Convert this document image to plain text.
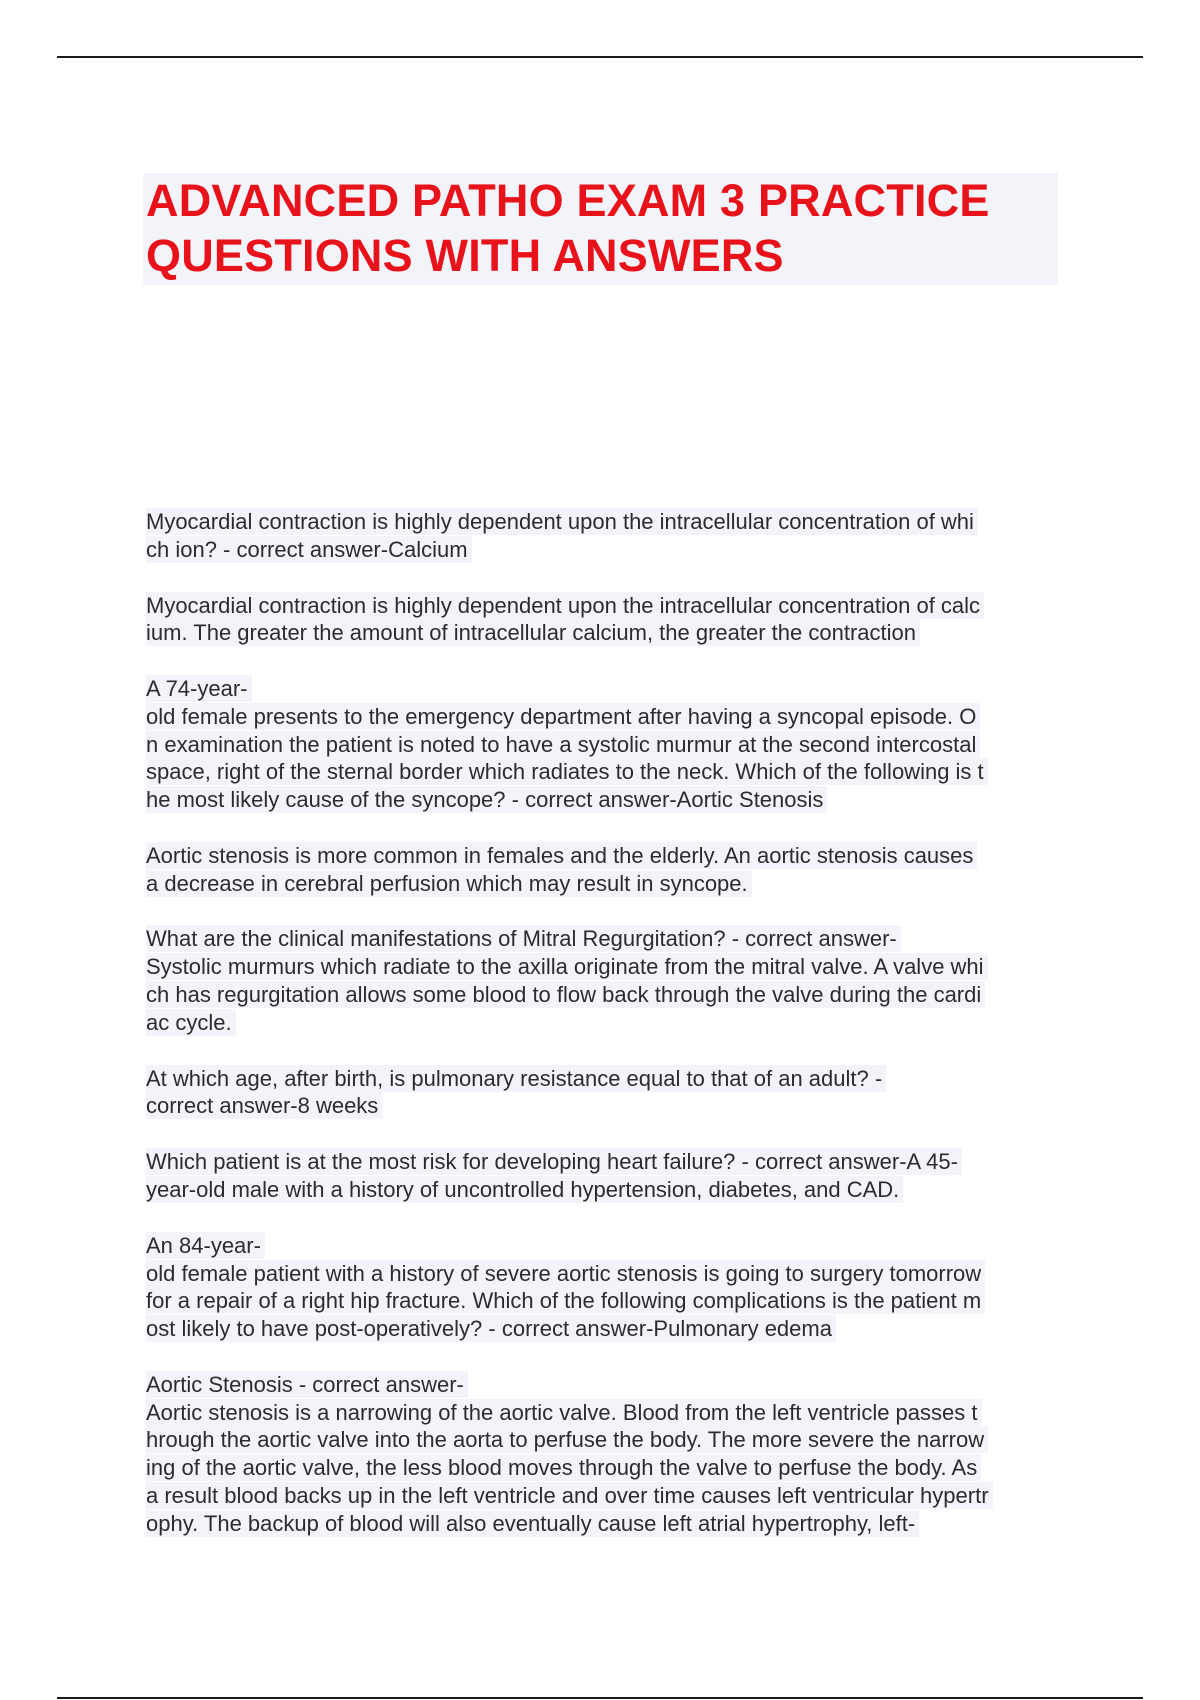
ADVANCED PATHO EXAM 3 PRACTICE
QUESTIONS WITH ANSWERS
Myocardial contraction is highly dependent upon the intracellular concentration of whi
ch ion? - correct answer-Calcium
Myocardial contraction is highly dependent upon the intracellular concentration of calc
ium. The greater the amount of intracellular calcium, the greater the contraction
A 74-year-
old female presents to the emergency department after having a syncopal episode. O
n examination the patient is noted to have a systolic murmur at the second intercostal
space, right of the sternal border which radiates to the neck. Which of the following is t
he most likely cause of the syncope? - correct answer-Aortic Stenosis
Aortic stenosis is more common in females and the elderly. An aortic stenosis causes
a decrease in cerebral perfusion which may result in syncope.
What are the clinical manifestations of Mitral Regurgitation? - correct answer-
Systolic murmurs which radiate to the axilla originate from the mitral valve. A valve whi
ch has regurgitation allows some blood to flow back through the valve during the cardi
ac cycle.
At which age, after birth, is pulmonary resistance equal to that of an adult? -
correct answer-8 weeks
Which patient is at the most risk for developing heart failure? - correct answer-A 45-
year-old male with a history of uncontrolled hypertension, diabetes, and CAD.
An 84-year-
old female patient with a history of severe aortic stenosis is going to surgery tomorrow
for a repair of a right hip fracture. Which of the following complications is the patient m
ost likely to have post-operatively? - correct answer-Pulmonary edema
Aortic Stenosis - correct answer-
Aortic stenosis is a narrowing of the aortic valve. Blood from the left ventricle passes t
hrough the aortic valve into the aorta to perfuse the body. The more severe the narrow
ing of the aortic valve, the less blood moves through the valve to perfuse the body. As
a result blood backs up in the left ventricle and over time causes left ventricular hypertr
ophy. The backup of blood will also eventually cause left atrial hypertrophy, left-
